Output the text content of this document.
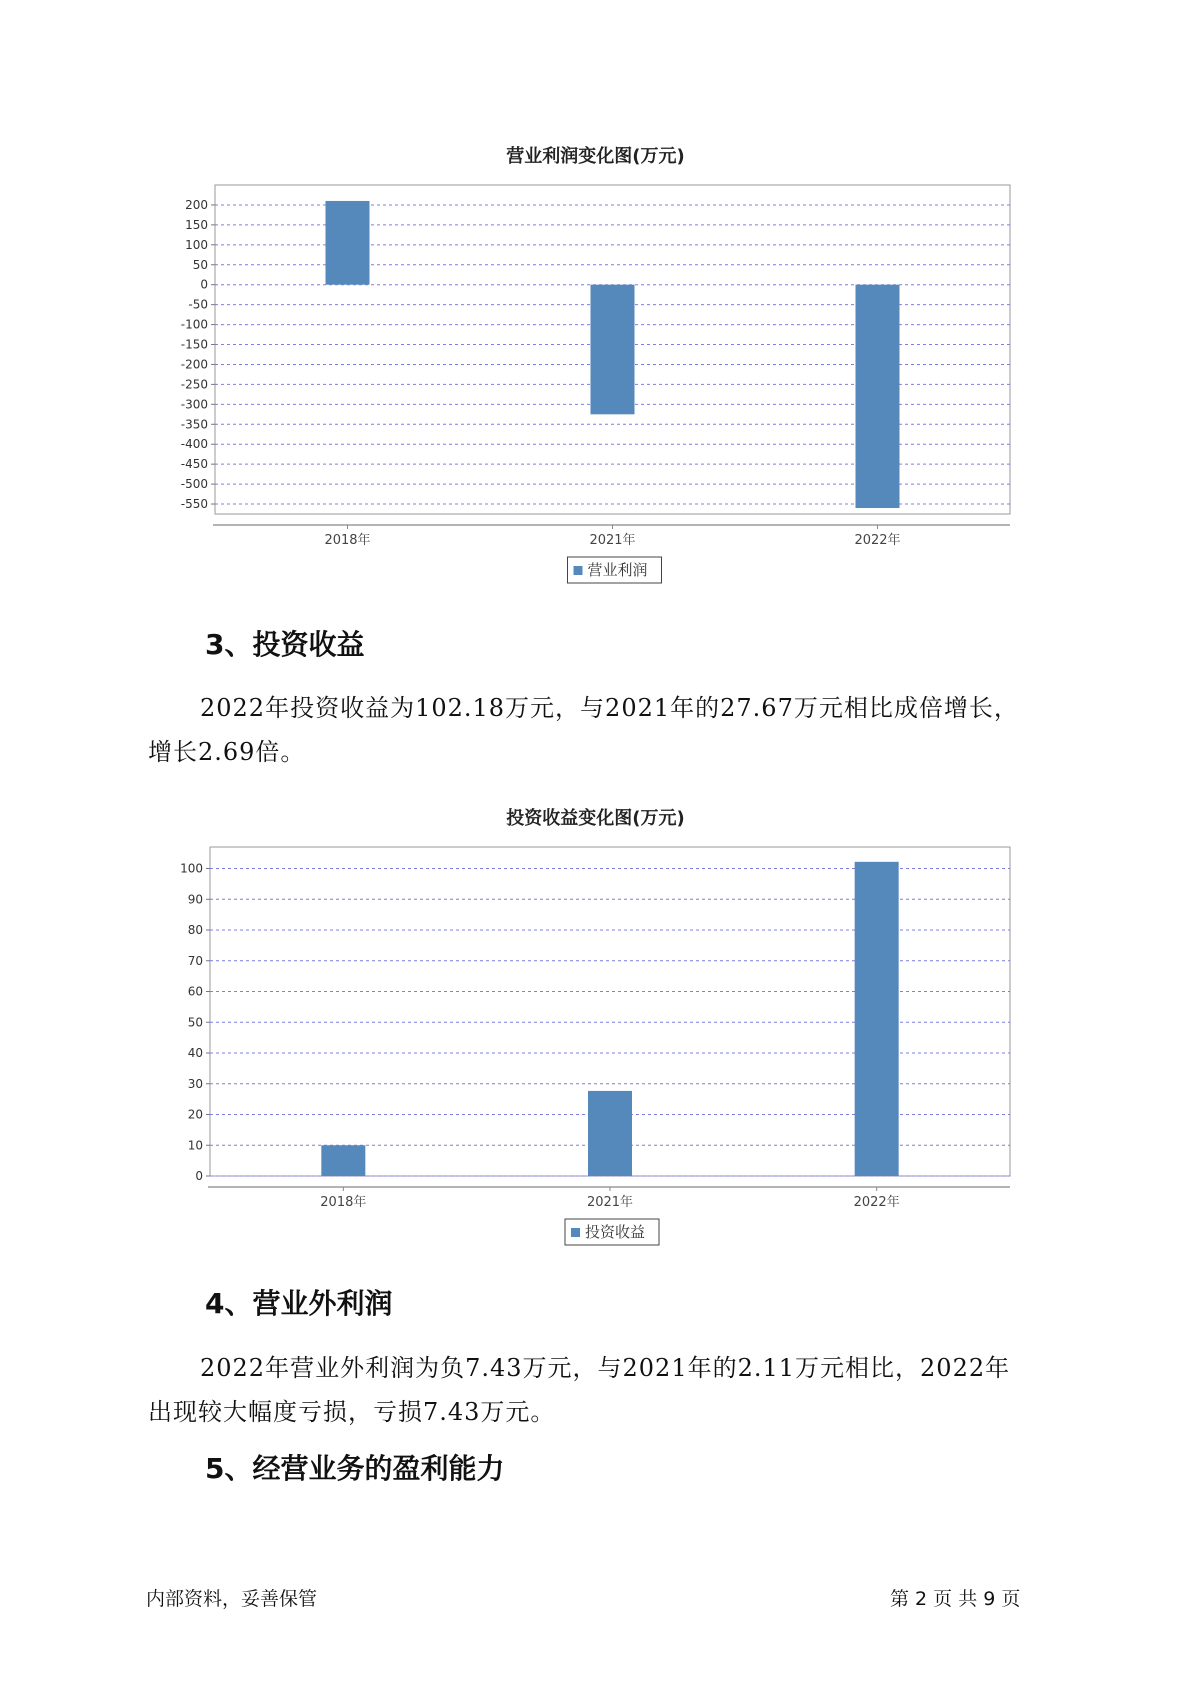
营业利润变化图(万元)
200
150
100
50
0
-50
-100
-150
-200
-250
-300
-350
-400
-450
-500
-550
2018年	2021年	2022年
营业利润
3、投资收益
2022年投资收益为102.18万元，与2021年的27.67万元相比成倍增长，
增长2.69倍。
投资收益变化图(万元)
100
90
80
70
60
50
40
30
20
10
0
2018年	2021年	2022年
投资收益
4、营业外利润
2022年营业外利润为负7.43万元，与2021年的2.11万元相比，2022年
出现较大幅度亏损，亏损7.43万元。
5、经营业务的盈利能力
内部资料，妥善保管	第 2 页 共 9 页
